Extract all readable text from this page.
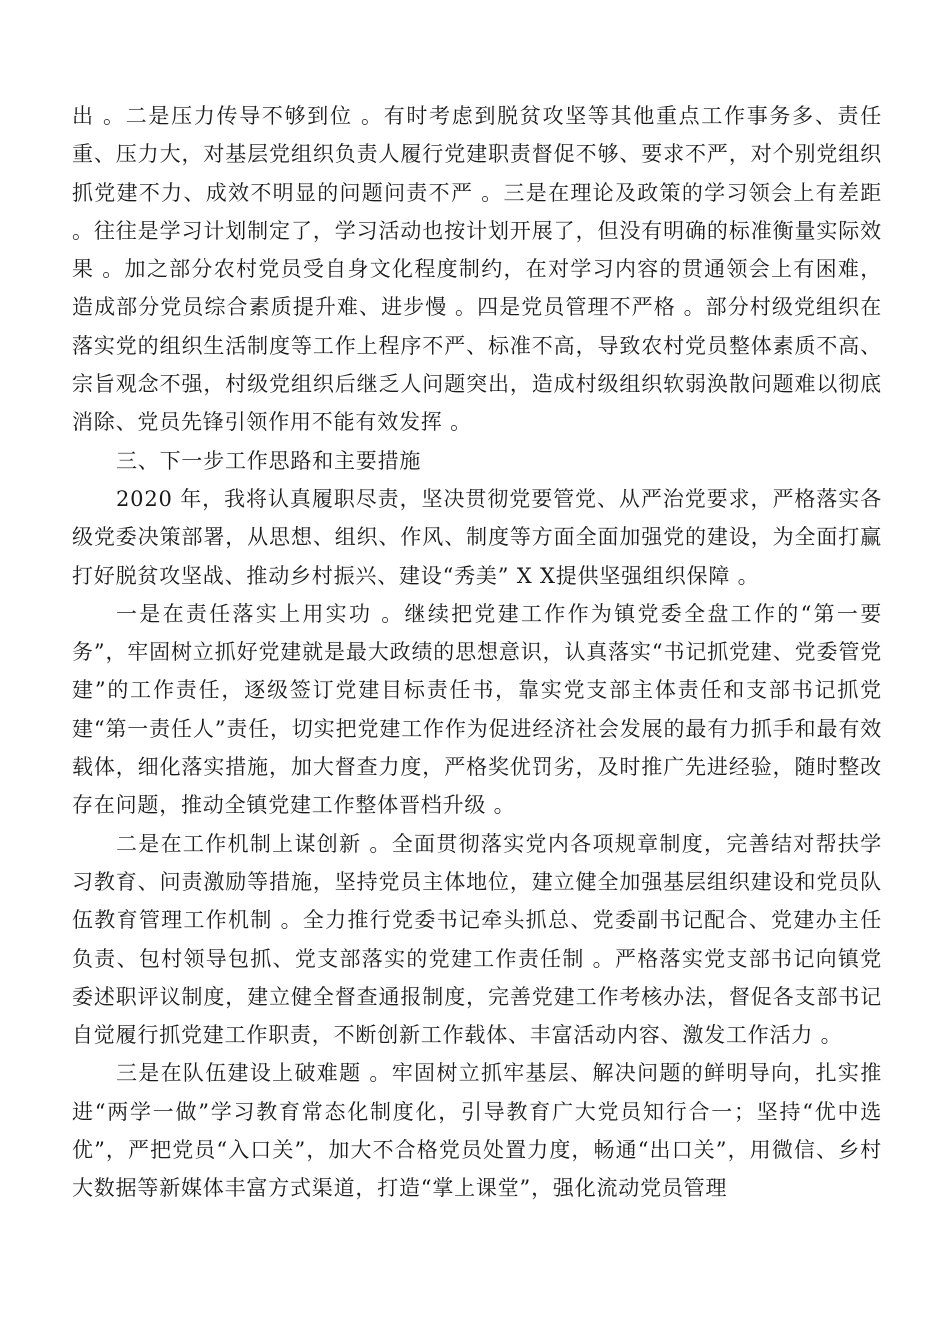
出 。二是压力传导不够到位 。有时考虑到脱贫攻坚等其他重点工作事务多、责任重、压力大，对基层党组织负责人履行党建职责督促不够、要求不严，对个别党组织抓党建不力、成效不明显的问题问责不严 。三是在理论及政策的学习领会上有差距 。往往是学习计划制定了，学习活动也按计划开展了，但没有明确的标准衡量实际效果 。加之部分农村党员受自身文化程度制约，在对学习内容的贯通领会上有困难，造成部分党员综合素质提升难、进步慢 。四是党员管理不严格 。部分村级党组织在落实党的组织生活制度等工作上程序不严、标准不高，导致农村党员整体素质不高、宗旨观念不强，村级党组织后继乏人问题突出，造成村级组织软弱涣散问题难以彻底消除、党员先锋引领作用不能有效发挥 。

三、下一步工作思路和主要措施

2020 年，我将认真履职尽责，坚决贯彻党要管党、从严治党要求，严格落实各级党委决策部署，从思想、组织、作风、制度等方面全面加强党的建设，为全面打赢打好脱贫攻坚战、推动乡村振兴、建设“秀美” X X提供坚强组织保障 。

一是在责任落实上用实功 。继续把党建工作作为镇党委全盘工作的“第一要务”，牢固树立抓好党建就是最大政绩的思想意识，认真落实“书记抓党建、党委管党建”的工作责任，逐级签订党建目标责任书，靠实党支部主体责任和支部书记抓党建“第一责任人”责任，切实把党建工作作为促进经济社会发展的最有力抓手和最有效载体，细化落实措施，加大督查力度，严格奖优罚劣，及时推广先进经验，随时整改存在问题，推动全镇党建工作整体晋档升级 。

二是在工作机制上谋创新 。全面贯彻落实党内各项规章制度，完善结对帮扶学习教育、问责激励等措施，坚持党员主体地位，建立健全加强基层组织建设和党员队伍教育管理工作机制 。全力推行党委书记牵头抓总、党委副书记配合、党建办主任负责、包村领导包抓、党支部落实的党建工作责任制 。严格落实党支部书记向镇党委述职评议制度，建立健全督查通报制度，完善党建工作考核办法，督促各支部书记自觉履行抓党建工作职责，不断创新工作载体、丰富活动内容、激发工作活力 。

三是在队伍建设上破难题 。牢固树立抓牢基层、解决问题的鲜明导向，扎实推进“两学一做”学习教育常态化制度化，引导教育广大党员知行合一；坚持“优中选优”，严把党员“入口关”，加大不合格党员处置力度，畅通“出口关”，用微信、乡村大数据等新媒体丰富方式渠道，打造“掌上课堂”，强化流动党员管理
